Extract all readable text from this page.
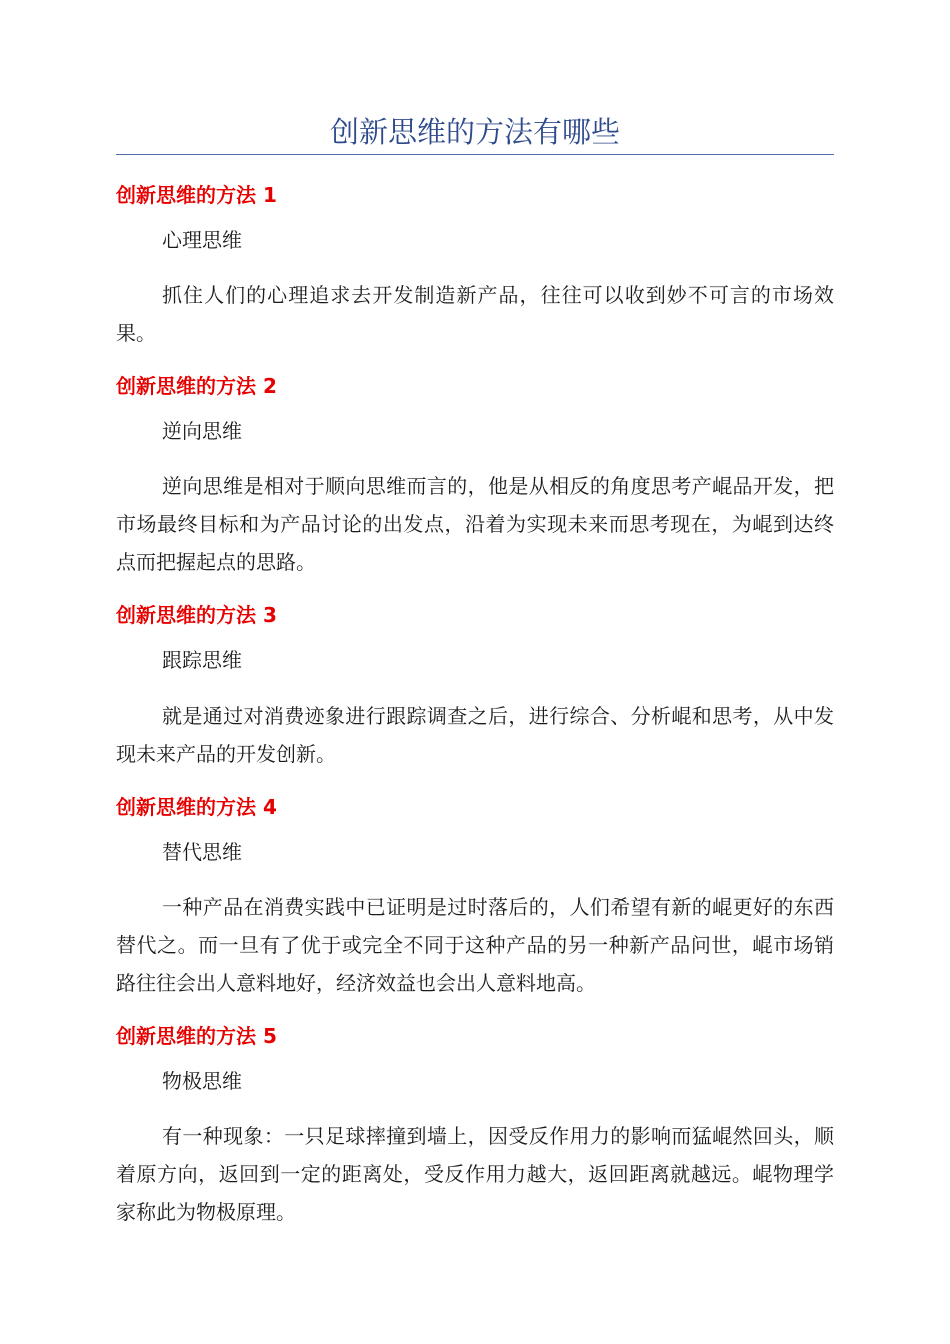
创新思维的方法有哪些
创新思维的方法 1

心理思维

抓住人们的心理追求去开发制造新产品，往往可以收到妙不可言的市场效果。

创新思维的方法 2

逆向思维

逆向思维是相对于顺向思维而言的，他是从相反的角度思考产崐品开发，把市场最终目标和为产品讨论的出发点，沿着为实现未来而思考现在，为崐到达终点而把握起点的思路。

创新思维的方法 3

跟踪思维

就是通过对消费迹象进行跟踪调查之后，进行综合、分析崐和思考，从中发现未来产品的开发创新。

创新思维的方法 4

替代思维

一种产品在消费实践中已证明是过时落后的，人们希望有新的崐更好的东西替代之。而一旦有了优于或完全不同于这种产品的另一种新产品问世，崐市场销路往往会出人意料地好，经济效益也会出人意料地高。

创新思维的方法 5

物极思维

有一种现象：一只足球摔撞到墙上，因受反作用力的影响而猛崐然回头，顺着原方向，返回到一定的距离处，受反作用力越大，返回距离就越远。崐物理学家称此为物极原理。
